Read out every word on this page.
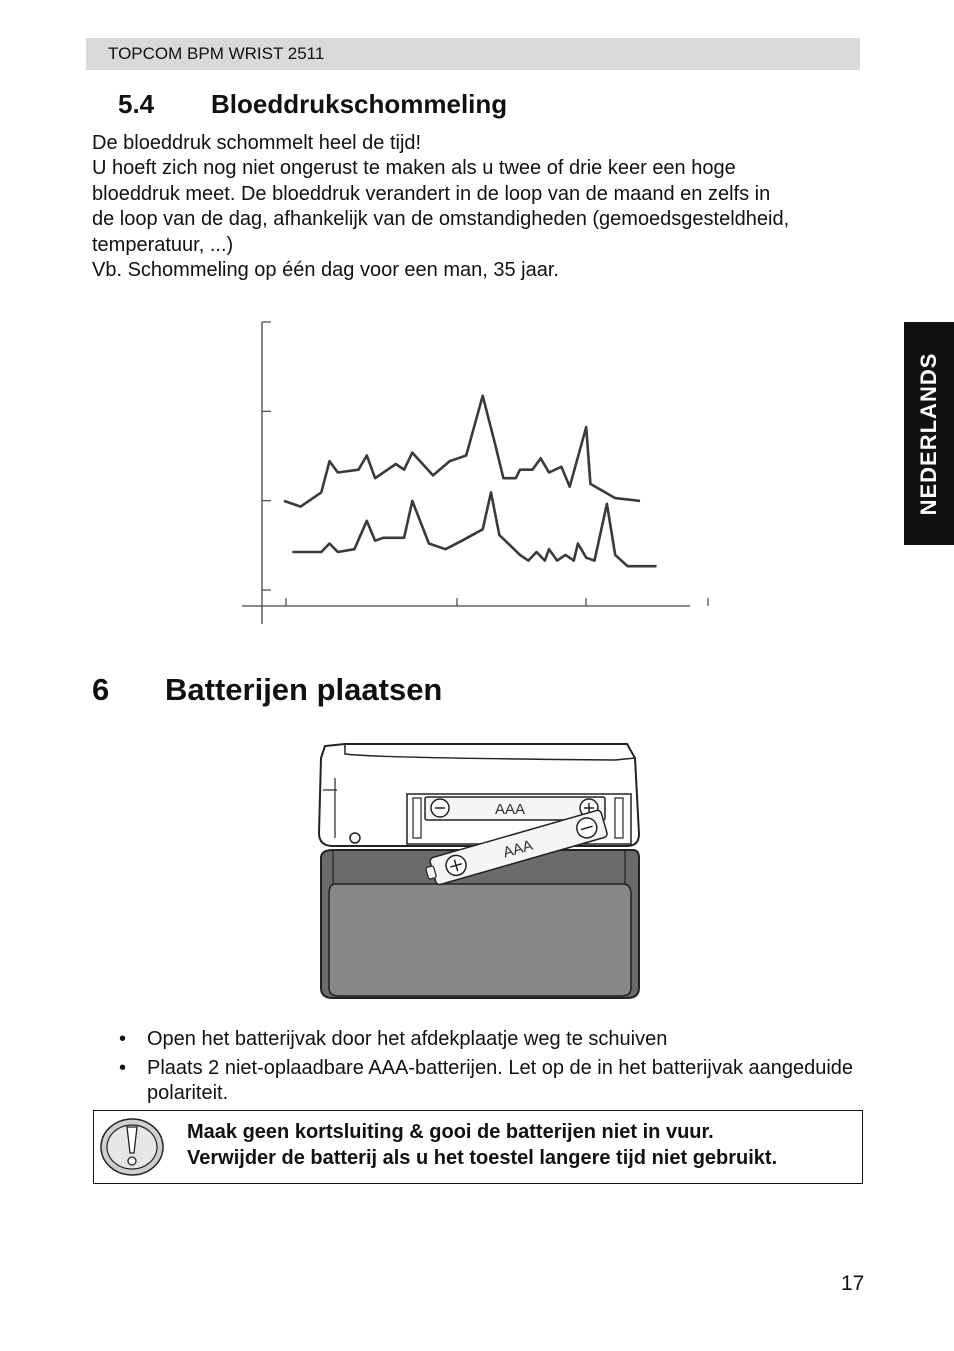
TOPCOM BPM WRIST 2511
NEDERLANDS
5.4 Bloeddrukschommeling

De bloeddruk schommelt heel de tijd!

U hoeft zich nog niet ongerust te maken als u twee of drie keer een hoge

bloeddruk meet. De bloeddruk verandert in de loop van de maand en zelfs in

de loop van de dag, afhankelijk van de omstandigheden (gemoedsgesteldheid,

temperatuur, ...)

Vb. Schommeling op één dag voor een man, 35 jaar.

6 Batterijen plaatsen
AAA
AAA
• Open het batterijvak door het afdekplaatje weg te schuiven
• Plaats 2 niet-oplaadbare AAA-batterijen. Let op de in het batterijvak aangeduide polariteit.

Maak geen kortsluiting & gooi de batterijen niet in vuur.

Verwijder de batterij als u het toestel langere tijd niet gebruikt.

17
